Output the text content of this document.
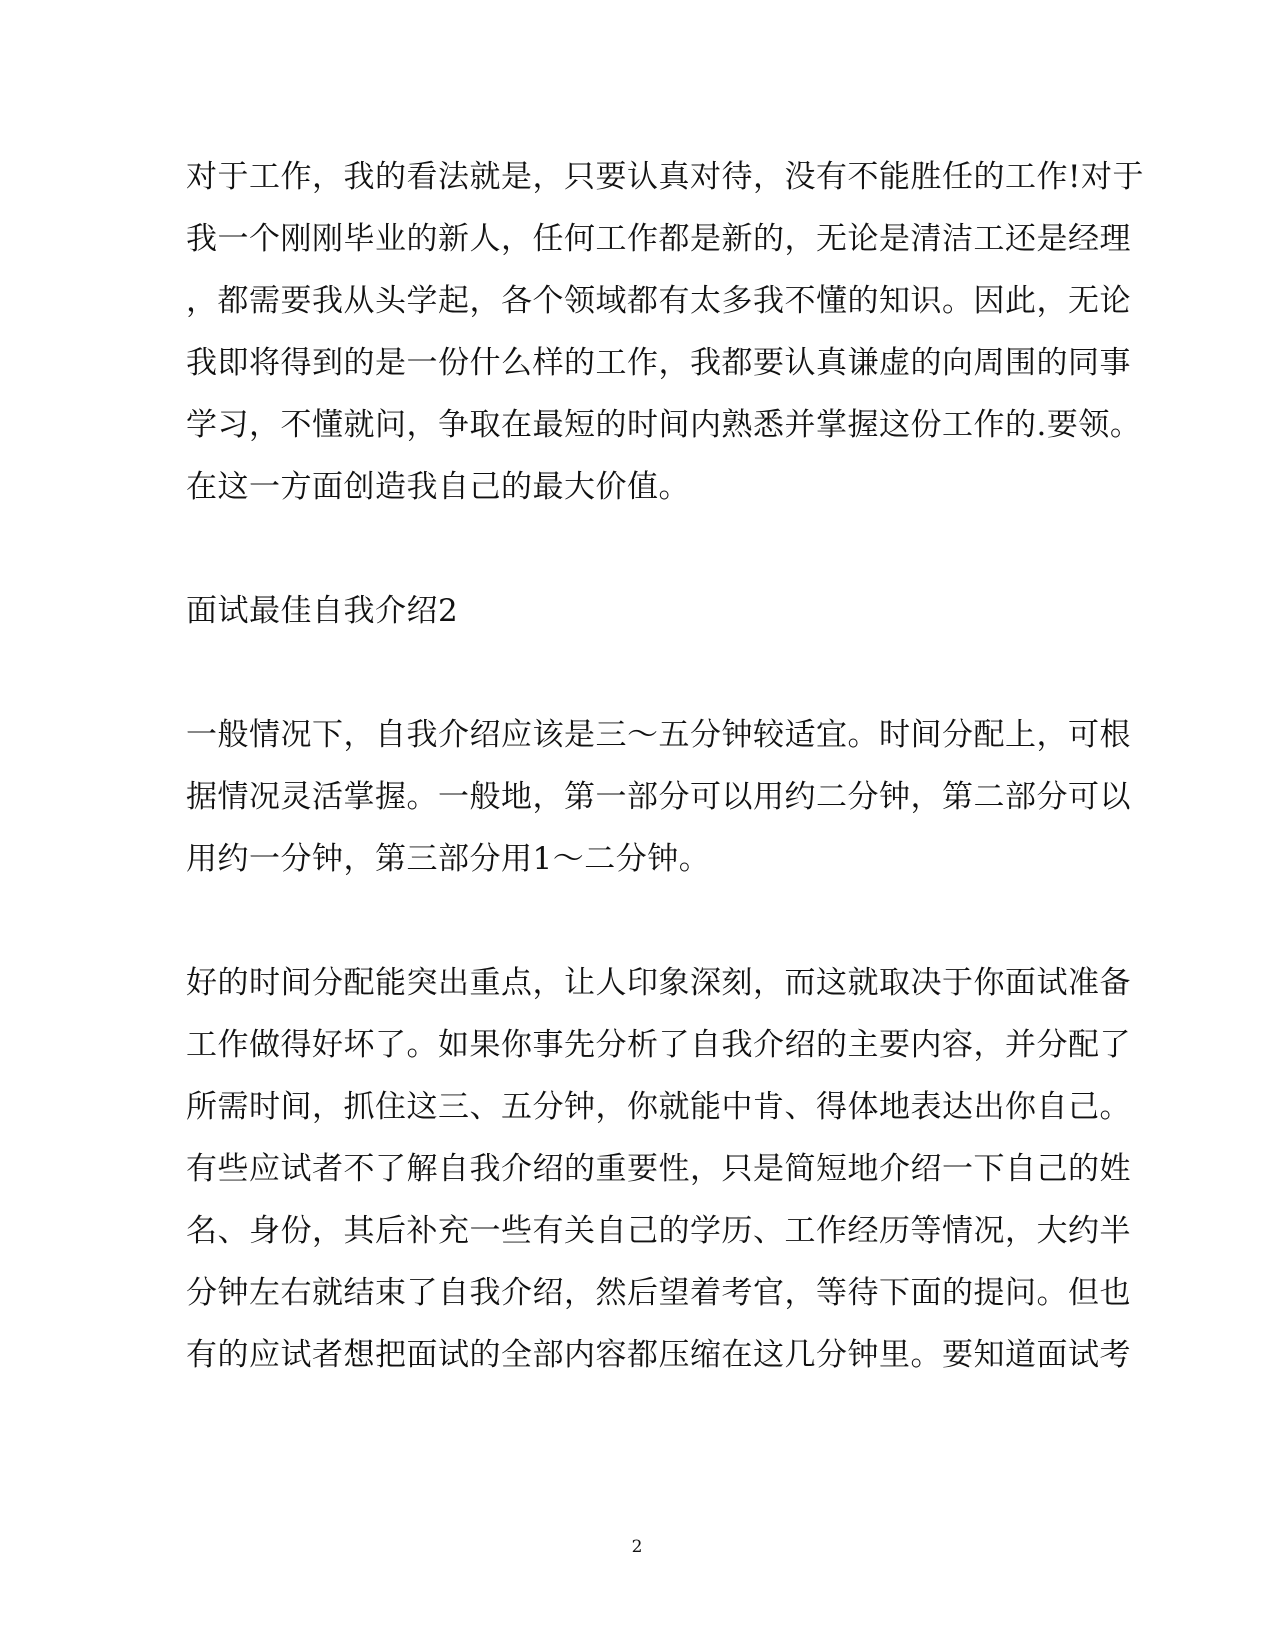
对于工作，我的看法就是，只要认真对待，没有不能胜任的工作!对于
我一个刚刚毕业的新人，任何工作都是新的，无论是清洁工还是经理
，都需要我从头学起，各个领域都有太多我不懂的知识。因此，无论
我即将得到的是一份什么样的工作，我都要认真谦虚的向周围的同事
学习，不懂就问，争取在最短的时间内熟悉并掌握这份工作的.要领。
在这一方面创造我自己的最大价值。
面试最佳自我介绍2
一般情况下，自我介绍应该是三～五分钟较适宜。时间分配上，可根
据情况灵活掌握。一般地，第一部分可以用约二分钟，第二部分可以
用约一分钟，第三部分用1～二分钟。
好的时间分配能突出重点，让人印象深刻，而这就取决于你面试准备
工作做得好坏了。如果你事先分析了自我介绍的主要内容，并分配了
所需时间，抓住这三、五分钟，你就能中肯、得体地表达出你自己。
有些应试者不了解自我介绍的重要性，只是简短地介绍一下自己的姓
名、身份，其后补充一些有关自己的学历、工作经历等情况，大约半
分钟左右就结束了自我介绍，然后望着考官，等待下面的提问。但也
有的应试者想把面试的全部内容都压缩在这几分钟里。要知道面试考
2
